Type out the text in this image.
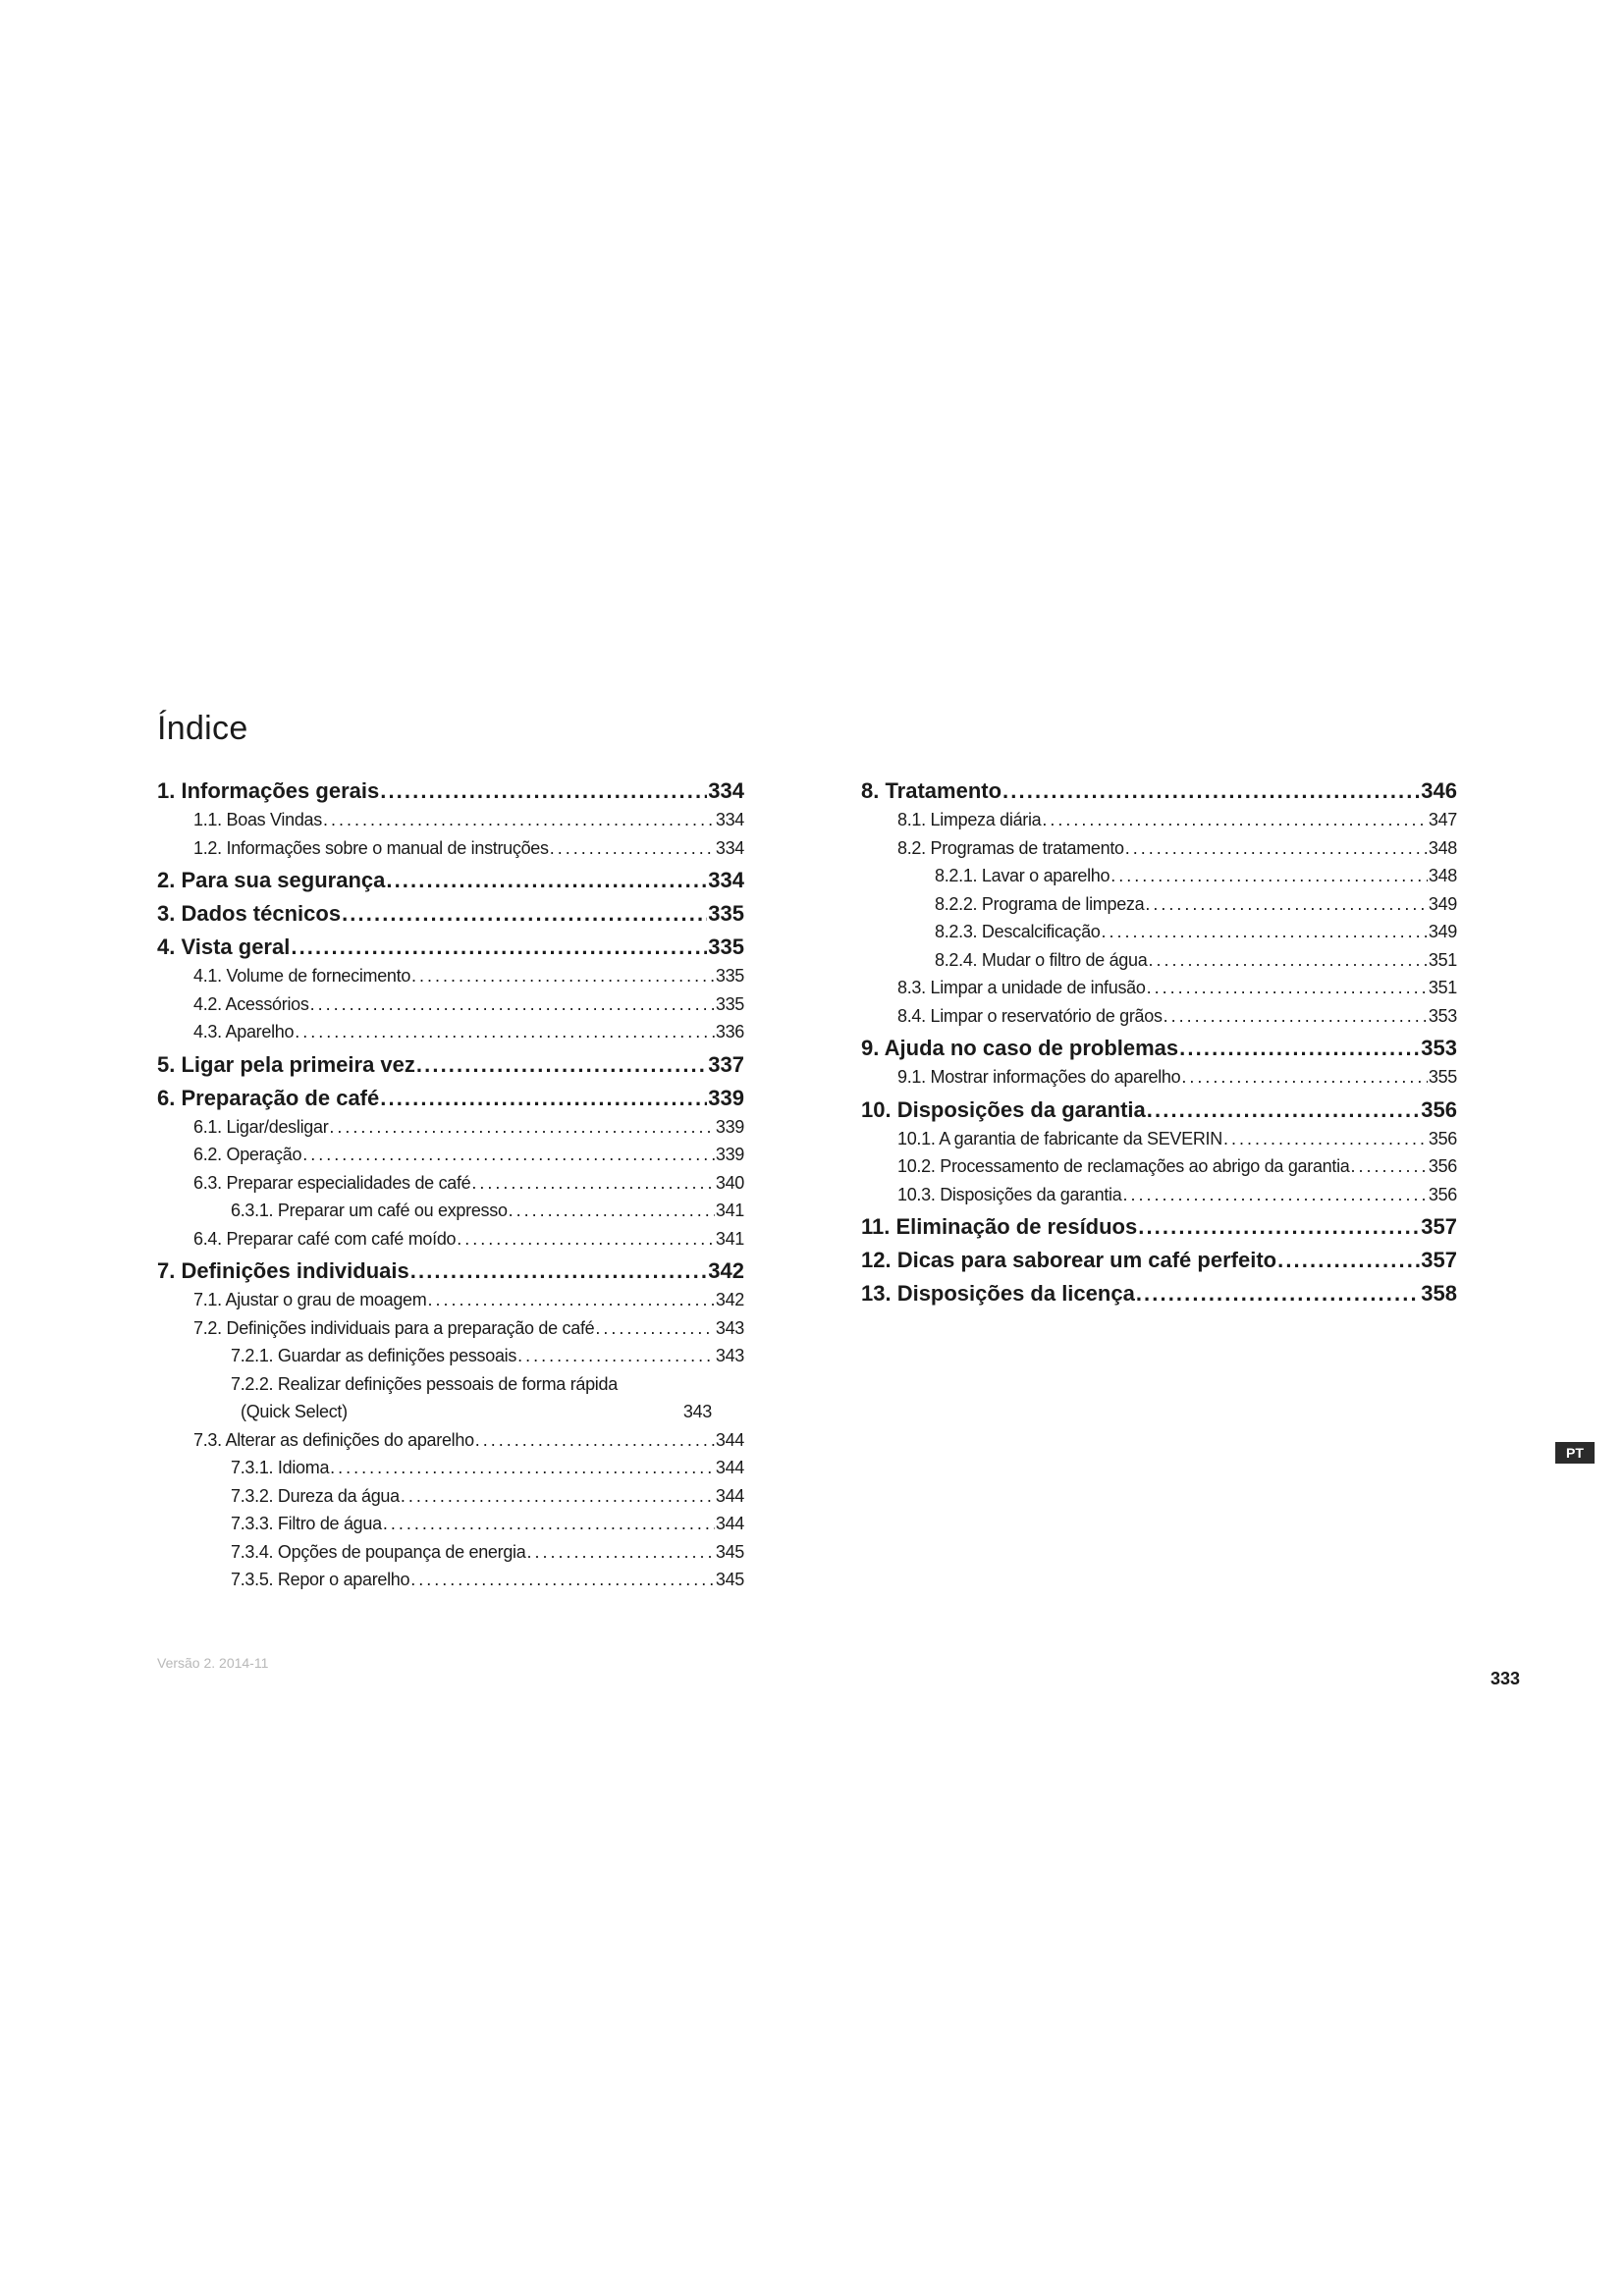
Índice
1. Informações gerais . . .	334
1.1. Boas Vindas . . .	334
1.2. Informações sobre o manual de instruções . . .	334
2. Para sua segurança . . .	334
3. Dados técnicos . . .	335
4. Vista geral . . .	335
4.1. Volume de fornecimento . . .	335
4.2. Acessórios . . .	335
4.3. Aparelho . . .	336
5. Ligar pela primeira vez . . .	337
6. Preparação de café . . .	339
6.1. Ligar/desligar . . .	339
6.2. Operação . . .	339
6.3. Preparar especialidades de café . . .	340
6.3.1. Preparar um café ou expresso . . .	341
6.4. Preparar café com café moído . . .	341
7. Definições individuais . . .	342
7.1. Ajustar o grau de moagem . . .	342
7.2. Definições individuais para a preparação de café . . .	343
7.2.1. Guardar as definições pessoais . . .	343
7.2.2. Realizar definições pessoais de forma rápida
(Quick Select)	343
7.3. Alterar as definições do aparelho . . .	344
7.3.1. Idioma . . .	344
7.3.2. Dureza da água . . .	344
7.3.3. Filtro de água . . .	344
7.3.4. Opções de poupança de energia . . .	345
7.3.5. Repor o aparelho . . .	345
8. Tratamento . . .	346
8.1. Limpeza diária . . .	347
8.2. Programas de tratamento . . .	348
8.2.1. Lavar o aparelho . . .	348
8.2.2. Programa de limpeza . . .	349
8.2.3. Descalcificação . . .	349
8.2.4. Mudar o filtro de água . . .	351
8.3. Limpar a unidade de infusão . . .	351
8.4. Limpar o reservatório de grãos . . .	353
9. Ajuda no caso de problemas . . .	353
9.1. Mostrar informações do aparelho . . .	355
10. Disposições da garantia . . .	356
10.1. A garantia de fabricante da SEVERIN . . .	356
10.2. Processamento de reclamações ao abrigo da garantia . . .	356
10.3. Disposições da garantia . . .	356
11. Eliminação de resíduos . . .	357
12. Dicas para saborear um café perfeito . . .	357
13. Disposições da licença . . .	358
PT
Versão 2. 2014-11
333
